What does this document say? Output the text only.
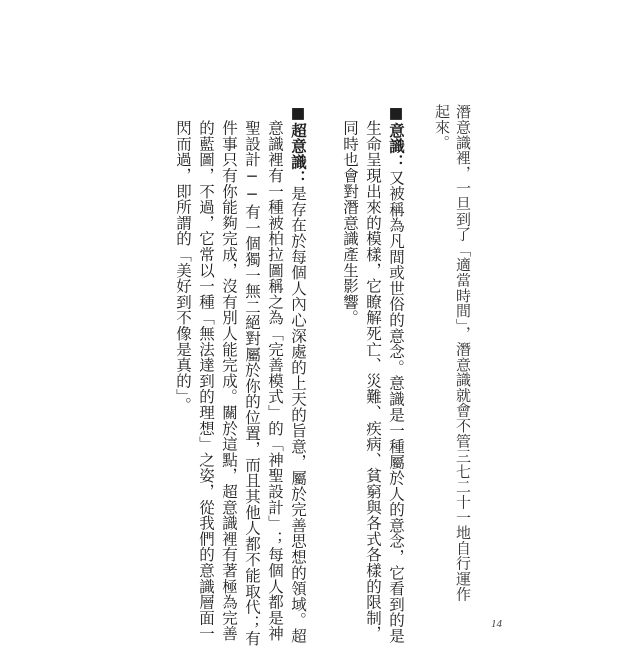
潛意識裡，一旦到了「適當時間」，潛意識就會不管三七二十一地自行運作
起來。
■意識：又被稱為凡間或世俗的意念。意識是一種屬於人的意念，它看到的是
生命呈現出來的模樣，它瞭解死亡、災難、疾病、貧窮與各式各樣的限制，
同時也會對潛意識產生影響。
■超意識：是存在於每個人內心深處的上天的旨意，屬於完善思想的領域。超
意識裡有一種被柏拉圖稱之為「完善模式」的「神聖設計」；每個人都是神
聖設計──有一個獨一無二絕對屬於你的位置，而且其他人都不能取代；有
件事只有你能夠完成，沒有別人能完成。關於這點，超意識裡有著極為完善
的藍圖，不過，它常以一種「無法達到的理想」之姿，從我們的意識層面一
閃而過，即所謂的「美好到不像是真的」。
14
